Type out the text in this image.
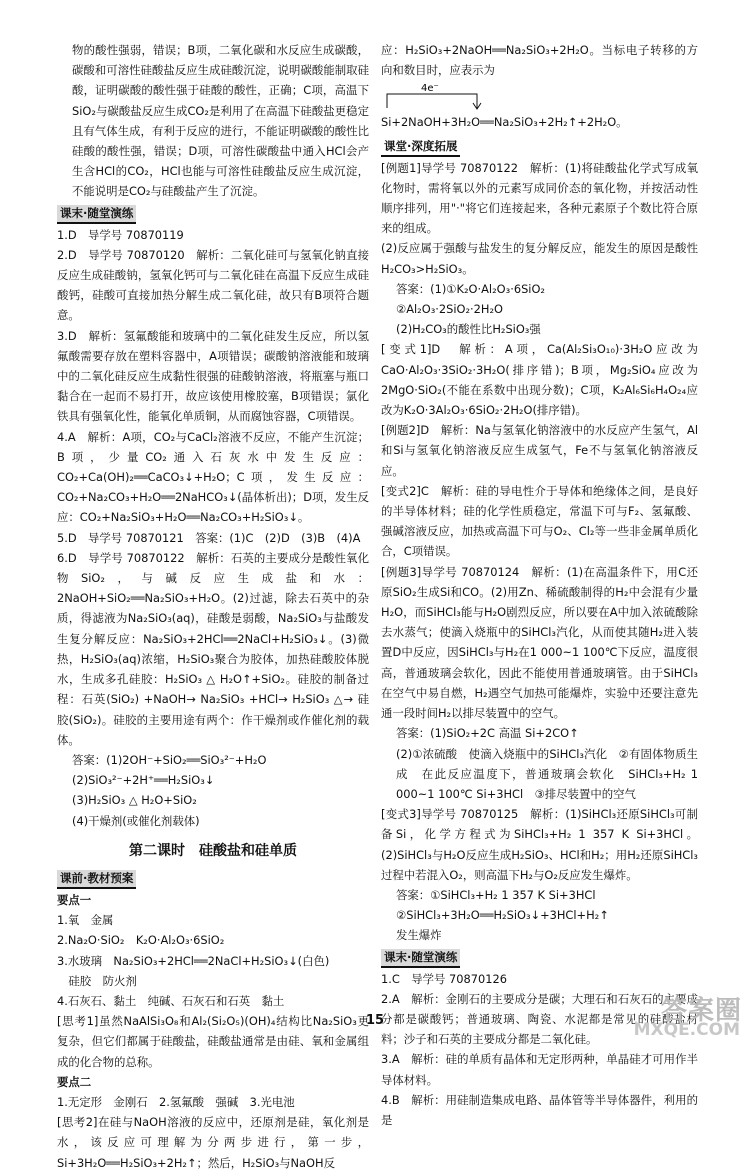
物的酸性强弱，错误；B项，二氧化碳和水反应生成碳酸，碳酸和可溶性硅酸盐反应生成硅酸沉淀，说明碳酸能制取硅酸，证明碳酸的酸性强于硅酸的酸性，正确；C项，高温下SiO₂与碳酸盐反应生成CO₂是利用了在高温下硅酸盐更稳定且有气体生成，有利于反应的进行，不能证明碳酸的酸性比硅酸的酸性强，错误；D项，可溶性碳酸盐中通入HCl会产生含HCl的CO₂，HCl也能与可溶性硅酸盐反应生成沉淀，不能说明是CO₂与硅酸盐产生了沉淀。

课末·随堂演练

1.D　导学号 70870119

2.D　导学号 70870120　解析：二氧化硅可与氢氧化钠直接反应生成硅酸钠，氢氧化钙可与二氧化硅在高温下反应生成硅酸钙，硅酸可直接加热分解生成二氧化硅，故只有B项符合题意。

3.D　解析：氢氟酸能和玻璃中的二氧化硅发生反应，所以氢氟酸需要存放在塑料容器中，A项错误；碳酸钠溶液能和玻璃中的二氧化硅反应生成黏性很强的硅酸钠溶液，将瓶塞与瓶口黏合在一起而不易打开，故应该使用橡胶塞，B项错误；氯化铁具有强氧化性，能氧化单质铜，从而腐蚀容器，C项错误。

4.A　解析：A项，CO₂与CaCl₂溶液不反应，不能产生沉淀；B项，少量CO₂通入石灰水中发生反应：CO₂+Ca(OH)₂══CaCO₃↓+H₂O；C项，发生反应：CO₂+Na₂CO₃+H₂O══2NaHCO₃↓(晶体析出)；D项，发生反应：CO₂+Na₂SiO₃+H₂O══Na₂CO₃+H₂SiO₃↓。

5.D　导学号 70870121　答案：(1)C　(2)D　(3)B　(4)A

6.D　导学号 70870122　解析：石英的主要成分是酸性氧化物SiO₂，与碱反应生成盐和水：2NaOH+SiO₂══Na₂SiO₃+H₂O。(2)过滤，除去石英中的杂质，得滤液为Na₂SiO₃(aq)，硅酸是弱酸，Na₂SiO₃与盐酸发生复分解反应：Na₂SiO₃+2HCl══2NaCl+H₂SiO₃↓。(3)微热，H₂SiO₃(aq)浓缩，H₂SiO₃聚合为胶体，加热硅酸胶体脱水，生成多孔硅胶：H₂SiO₃ △ H₂O↑+SiO₂。硅胶的制备过程：石英(SiO₂) +NaOH→ Na₂SiO₃ +HCl→ H₂SiO₃ △→ 硅胶(SiO₂)。硅胶的主要用途有两个：作干燥剂或作催化剂的载体。

答案：(1)2OH⁻+SiO₂══SiO₃²⁻+H₂O

(2)SiO₃²⁻+2H⁺══H₂SiO₃↓

(3)H₂SiO₃ △ H₂O+SiO₂

(4)干燥剂(或催化剂载体)

第二课时　硅酸盐和硅单质
课前·教材预案
要点一

1.氧　金属

2.Na₂O·SiO₂　K₂O·Al₂O₃·6SiO₂

3.水玻璃　Na₂SiO₃+2HCl══2NaCl+H₂SiO₃↓(白色)

　硅胶　防火剂

4.石灰石、黏土　纯碱、石灰石和石英　黏土

[思考1]虽然NaAlSi₃O₈和Al₂(Si₂O₅)(OH)₄结构比Na₂SiO₃更复杂，但它们都属于硅酸盐，硅酸盐通常是由硅、氧和金属组成的化合物的总称。

要点二

1.无定形　金刚石　2.氢氟酸　强碱　3.光电池

[思考2]在硅与NaOH溶液的反应中，还原剂是硅，氧化剂是水，该反应可理解为分两步进行，第一步，Si+3H₂O══H₂SiO₃+2H₂↑；然后，H₂SiO₃与NaOH反

应：H₂SiO₃+2NaOH══Na₂SiO₃+2H₂O。当标电子转移的方向和数目时，应表示为

4e⁻
Si+2NaOH+3H₂O══Na₂SiO₃+2H₂↑+2H₂O。
课堂·深度拓展

[例题1]导学号 70870122　解析：(1)将硅酸盐化学式写成氧化物时，需将氧以外的元素写成同价态的氧化物，并按活动性顺序排列，用"·"将它们连接起来，各种元素原子个数比符合原来的组成。

(2)反应属于强酸与盐发生的复分解反应，能发生的原因是酸性H₂CO₃>H₂SiO₃。

答案：(1)①K₂O·Al₂O₃·6SiO₂

②Al₂O₃·2SiO₂·2H₂O

(2)H₂CO₃的酸性比H₂SiO₃强

[变式1]D　解析：A项，Ca(Al₂Si₃O₁₀)·3H₂O应改为CaO·Al₂O₃·3SiO₂·3H₂O(排序错)；B项，Mg₂SiO₄应改为2MgO·SiO₂(不能在系数中出现分数)；C项，K₂Al₆Si₆H₄O₂₄应改为K₂O·3Al₂O₃·6SiO₂·2H₂O(排序错)。

[例题2]D　解析：Na与氢氧化钠溶液中的水反应产生氢气，Al和Si与氢氧化钠溶液反应生成氢气，Fe不与氢氧化钠溶液反应。

[变式2]C　解析：硅的导电性介于导体和绝缘体之间，是良好的半导体材料；硅的化学性质稳定，常温下可与F₂、氢氟酸、强碱溶液反应，加热或高温下可与O₂、Cl₂等一些非金属单质化合，C项错误。

[例题3]导学号 70870124　解析：(1)在高温条件下，用C还原SiO₂生成Si和CO。(2)用Zn、稀硫酸制得的H₂中会混有少量H₂O，而SiHCl₃能与H₂O剧烈反应，所以要在A中加入浓硫酸除去水蒸气；使滴入烧瓶中的SiHCl₃汽化，从而使其随H₂进入装置D中反应，因SiHCl₃与H₂在1 000~1 100℃下反应，温度很高，普通玻璃会软化，因此不能使用普通玻璃管。由于SiHCl₃在空气中易自燃，H₂遇空气加热可能爆炸，实验中还要注意先通一段时间H₂以排尽装置中的空气。

答案：(1)SiO₂+2C 高温 Si+2CO↑

(2)①浓硫酸　使滴入烧瓶中的SiHCl₃汽化　②有固体物质生成　在此反应温度下，普通玻璃会软化　SiHCl₃+H₂ 1 000~1 100℃ Si+3HCl　③排尽装置中的空气

[变式3]导学号 70870125　解析：(1)SiHCl₃还原SiHCl₃可制备Si，化学方程式为SiHCl₃+H₂ 1 357 K Si+3HCl。(2)SiHCl₃与H₂O反应生成H₂SiO₃、HCl和H₂；用H₂还原SiHCl₃过程中若混入O₂，则高温下H₂与O₂反应发生爆炸。

答案：①SiHCl₃+H₂ 1 357 K Si+3HCl

②SiHCl₃+3H₂O══H₂SiO₃↓+3HCl+H₂↑

发生爆炸

课末·随堂演练

1.C　导学号 70870126

2.A　解析：金刚石的主要成分是碳；大理石和石灰石的主要成分都是碳酸钙；普通玻璃、陶瓷、水泥都是常见的硅酸盐材料；沙子和石英的主要成分都是二氧化硅。

3.A　解析：硅的单质有晶体和无定形两种，单晶硅才可用作半导体材料。

4.B　解析：用硅制造集成电路、晶体管等半导体器件，利用的是

15	答案圈
MXQE.COM
